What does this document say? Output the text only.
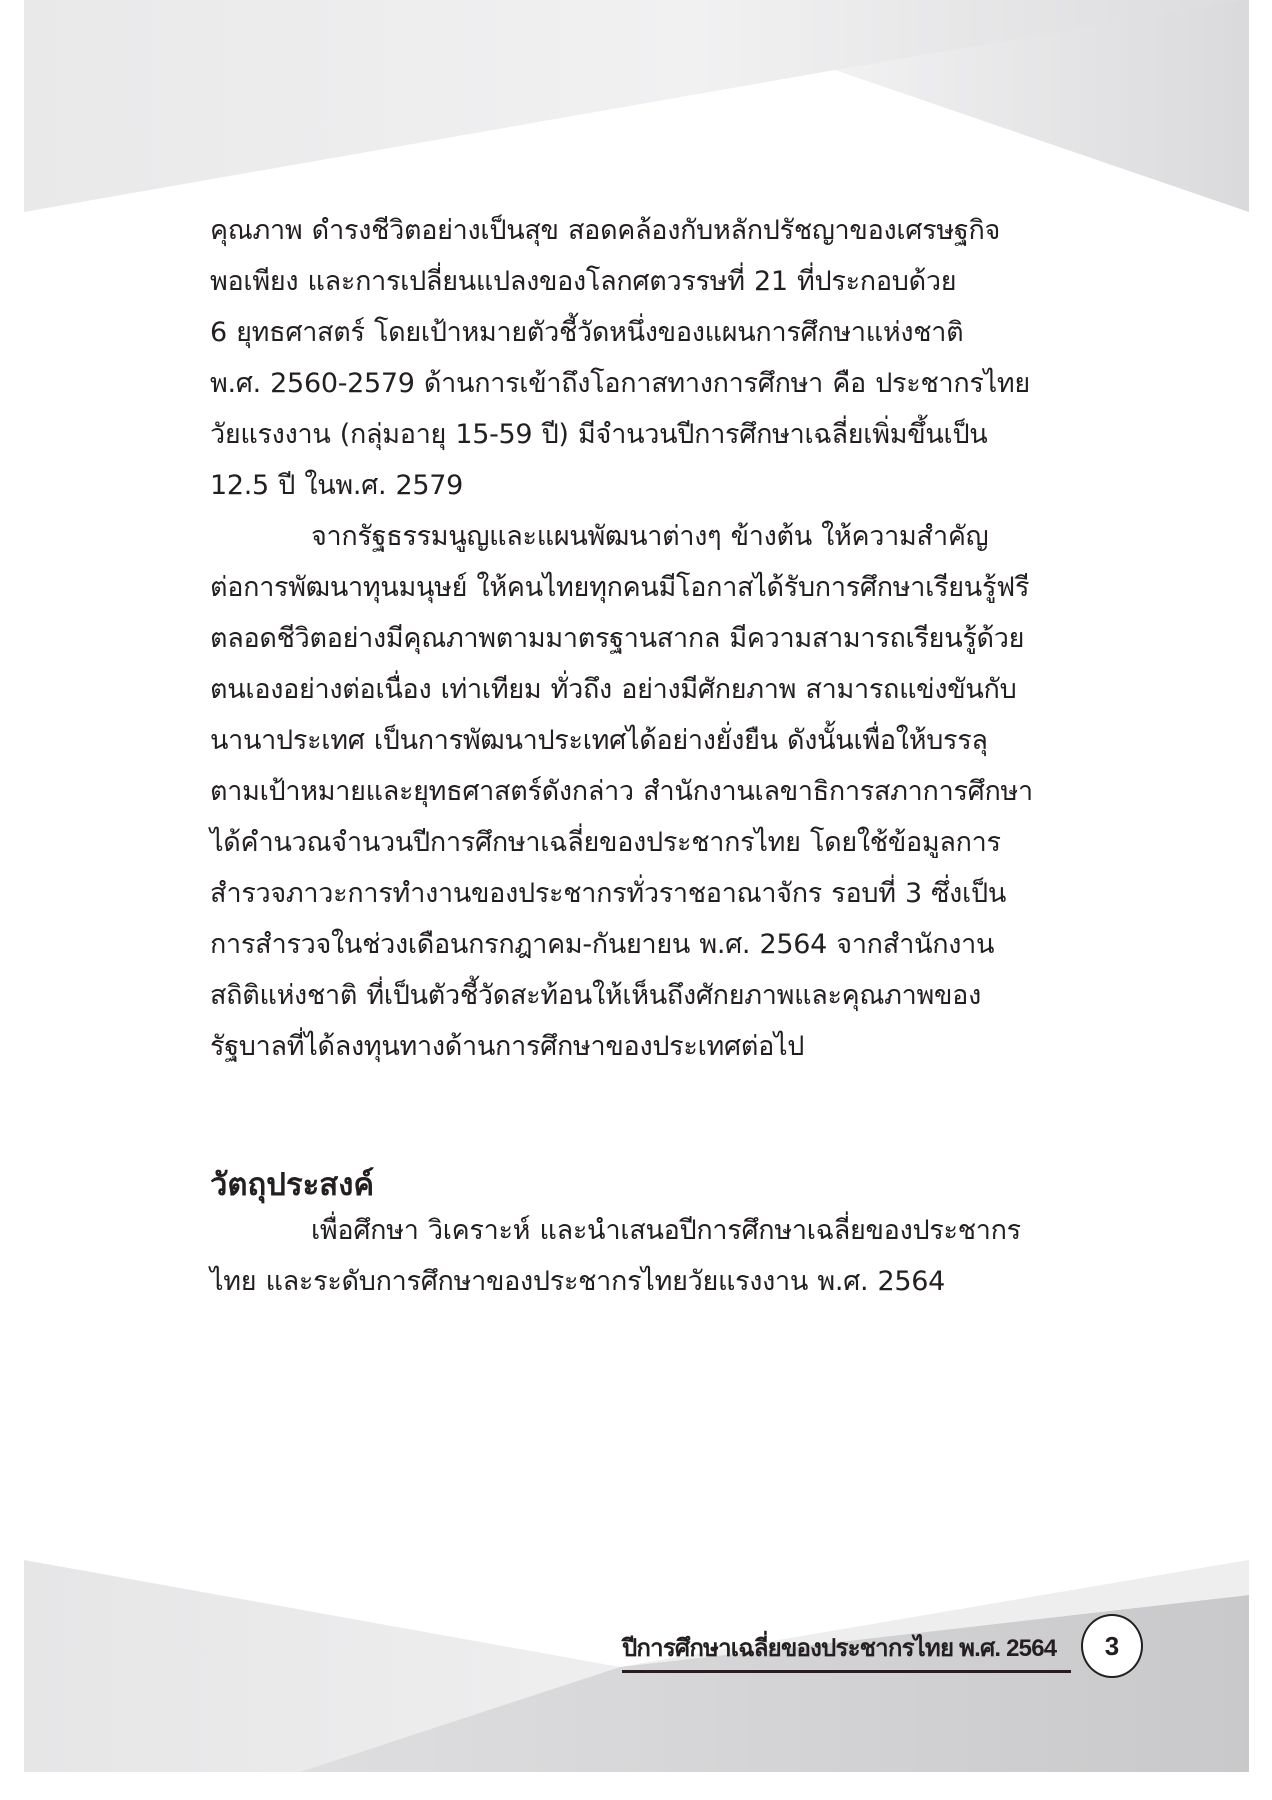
คุณภาพ ดำรงชีวิตอย่างเป็นสุข สอดคล้องกับหลักปรัชญาของเศรษฐกิจ
พอเพียง และการเปลี่ยนแปลงของโลกศตวรรษที่ 21 ที่ประกอบด้วย
6 ยุทธศาสตร์ โดยเป้าหมายตัวชี้วัดหนึ่งของแผนการศึกษาแห่งชาติ
พ.ศ. 2560-2579 ด้านการเข้าถึงโอกาสทางการศึกษา คือ ประชากรไทย
วัยแรงงาน (กลุ่มอายุ 15-59 ปี) มีจำนวนปีการศึกษาเฉลี่ยเพิ่มขึ้นเป็น
12.5 ปี ในพ.ศ. 2579

จากรัฐธรรมนูญและแผนพัฒนาต่างๆ ข้างต้น ให้ความสำคัญ
ต่อการพัฒนาทุนมนุษย์ ให้คนไทยทุกคนมีโอกาสได้รับการศึกษาเรียนรู้ฟรี
ตลอดชีวิตอย่างมีคุณภาพตามมาตรฐานสากล มีความสามารถเรียนรู้ด้วย
ตนเองอย่างต่อเนื่อง เท่าเทียม ทั่วถึง อย่างมีศักยภาพ สามารถแข่งขันกับ
นานาประเทศ เป็นการพัฒนาประเทศได้อย่างยั่งยืน ดังนั้นเพื่อให้บรรลุ
ตามเป้าหมายและยุทธศาสตร์ดังกล่าว สำนักงานเลขาธิการสภาการศึกษา
ได้คำนวณจำนวนปีการศึกษาเฉลี่ยของประชากรไทย โดยใช้ข้อมูลการ
สำรวจภาวะการทำงานของประชากรทั่วราชอาณาจักร รอบที่ 3 ซึ่งเป็น
การสำรวจในช่วงเดือนกรกฎาคม-กันยายน พ.ศ. 2564 จากสำนักงาน
สถิติแห่งชาติ ที่เป็นตัวชี้วัดสะท้อนให้เห็นถึงศักยภาพและคุณภาพของ
รัฐบาลที่ได้ลงทุนทางด้านการศึกษาของประเทศต่อไป

วัตถุประสงค์

เพื่อศึกษา วิเคราะห์ และนำเสนอปีการศึกษาเฉลี่ยของประชากร
ไทย และระดับการศึกษาของประชากรไทยวัยแรงงาน พ.ศ. 2564

ปีการศึกษาเฉลี่ยของประชากรไทย พ.ศ. 2564 3
